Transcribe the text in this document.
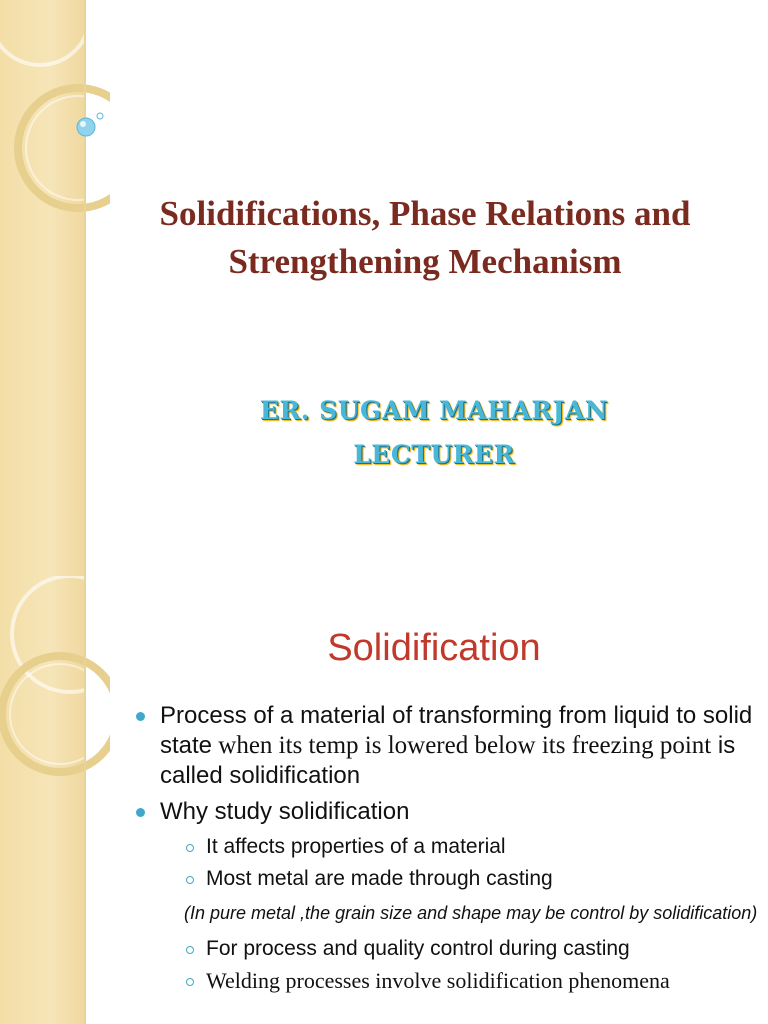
Solidifications, Phase Relations and
Strengthening Mechanism
ER. SUGAM MAHARJAN
LECTURER
Solidification
Process of a material of transforming from liquid to solid state when its temp is lowered below its freezing point is called solidification
Why study solidification
It affects properties of a material
Most metal are made through casting
(In pure metal ,the grain size and shape may be control by solidification)
For process and quality control during casting
Welding processes involve solidification phenomena
